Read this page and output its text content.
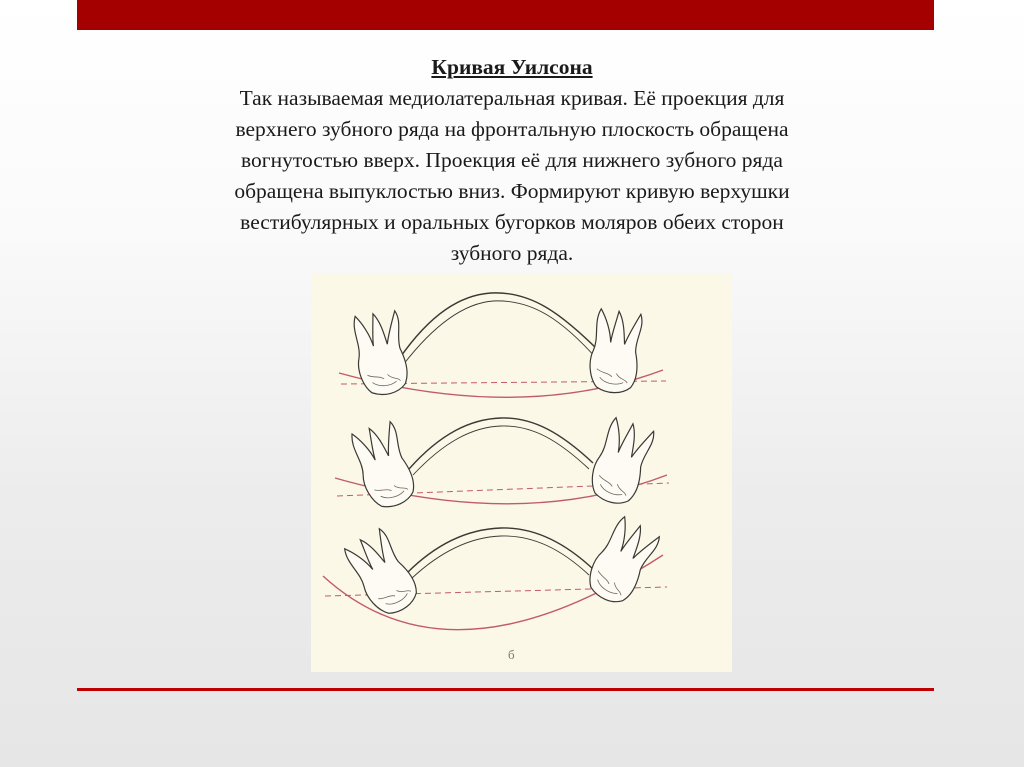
Кривая Уилсона
Так называемая медиолатеральная кривая. Её проекция для
верхнего зубного ряда на фронтальную плоскость обращена
вогнутостью вверх. Проекция её для нижнего зубного ряда
обращена выпуклостью вниз. Формируют кривую верхушки
вестибулярных и оральных бугорков моляров обеих сторон
зубного ряда.
б
